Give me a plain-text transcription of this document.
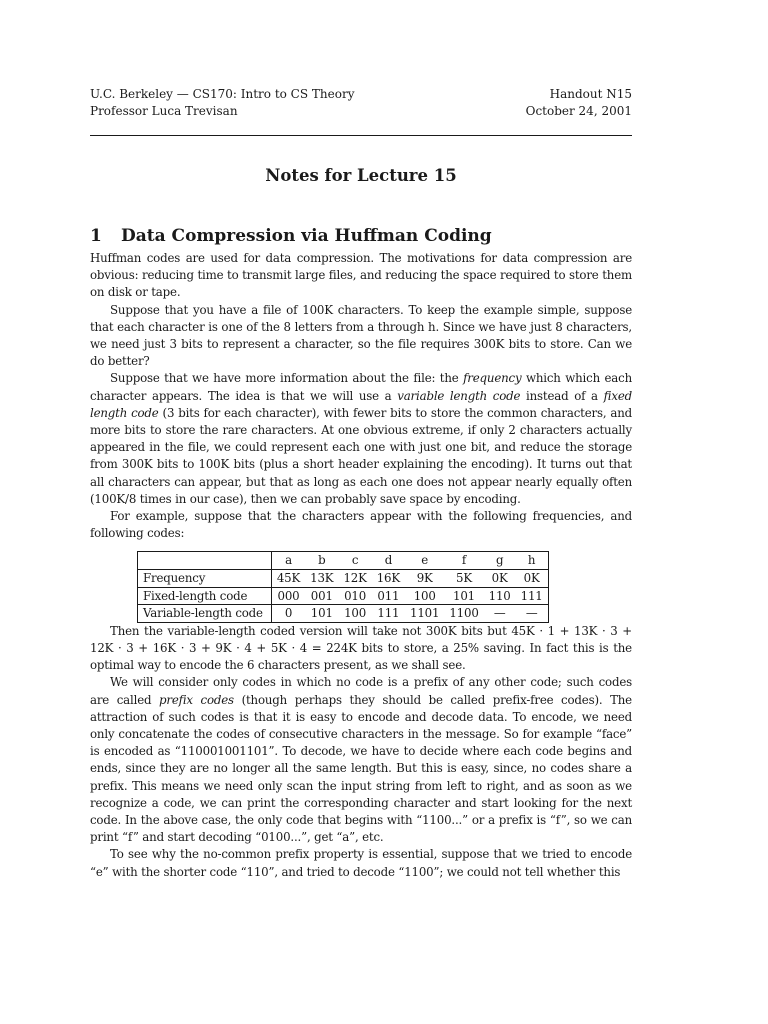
U.C. Berkeley — CS170: Intro to CS Theory
Professor Luca Trevisan
Handout N15
October 24, 2001
Notes for Lecture 15
1 Data Compression via Huffman Coding

Huffman codes are used for data compression. The motivations for data compression are obvious: reducing time to transmit large files, and reducing the space required to store them on disk or tape.

Suppose that you have a file of 100K characters. To keep the example simple, suppose that each character is one of the 8 letters from a through h. Since we have just 8 characters, we need just 3 bits to represent a character, so the file requires 300K bits to store. Can we do better?

Suppose that we have more information about the file: the frequency which which each character appears. The idea is that we will use a variable length code instead of a fixed length code (3 bits for each character), with fewer bits to store the common characters, and more bits to store the rare characters. At one obvious extreme, if only 2 characters actually appeared in the file, we could represent each one with just one bit, and reduce the storage from 300K bits to 100K bits (plus a short header explaining the encoding). It turns out that all characters can appear, but that as long as each one does not appear nearly equally often (100K/8 times in our case), then we can probably save space by encoding.

For example, suppose that the characters appear with the following frequencies, and following codes:

	a	b	c	d	e	f	g	h
Frequency	45K	13K	12K	16K	9K	5K	0K	0K
Fixed-length code	000	001	010	011	100	101	110	111
Variable-length code	0	101	100	111	1101	1100	—	—

Then the variable-length coded version will take not 300K bits but 45K · 1 + 13K · 3 + 12K · 3 + 16K · 3 + 9K · 4 + 5K · 4 = 224K bits to store, a 25% saving. In fact this is the optimal way to encode the 6 characters present, as we shall see.

We will consider only codes in which no code is a prefix of any other code; such codes are called prefix codes (though perhaps they should be called prefix-free codes). The attraction of such codes is that it is easy to encode and decode data. To encode, we need only concatenate the codes of consecutive characters in the message. So for example “face” is encoded as “110001001101”. To decode, we have to decide where each code begins and ends, since they are no longer all the same length. But this is easy, since, no codes share a prefix. This means we need only scan the input string from left to right, and as soon as we recognize a code, we can print the corresponding character and start looking for the next code. In the above case, the only code that begins with “1100...” or a prefix is “f”, so we can print “f” and start decoding “0100...”, get “a”, etc.

To see why the no-common prefix property is essential, suppose that we tried to encode “e” with the shorter code “110”, and tried to decode “1100”; we could not tell whether this
